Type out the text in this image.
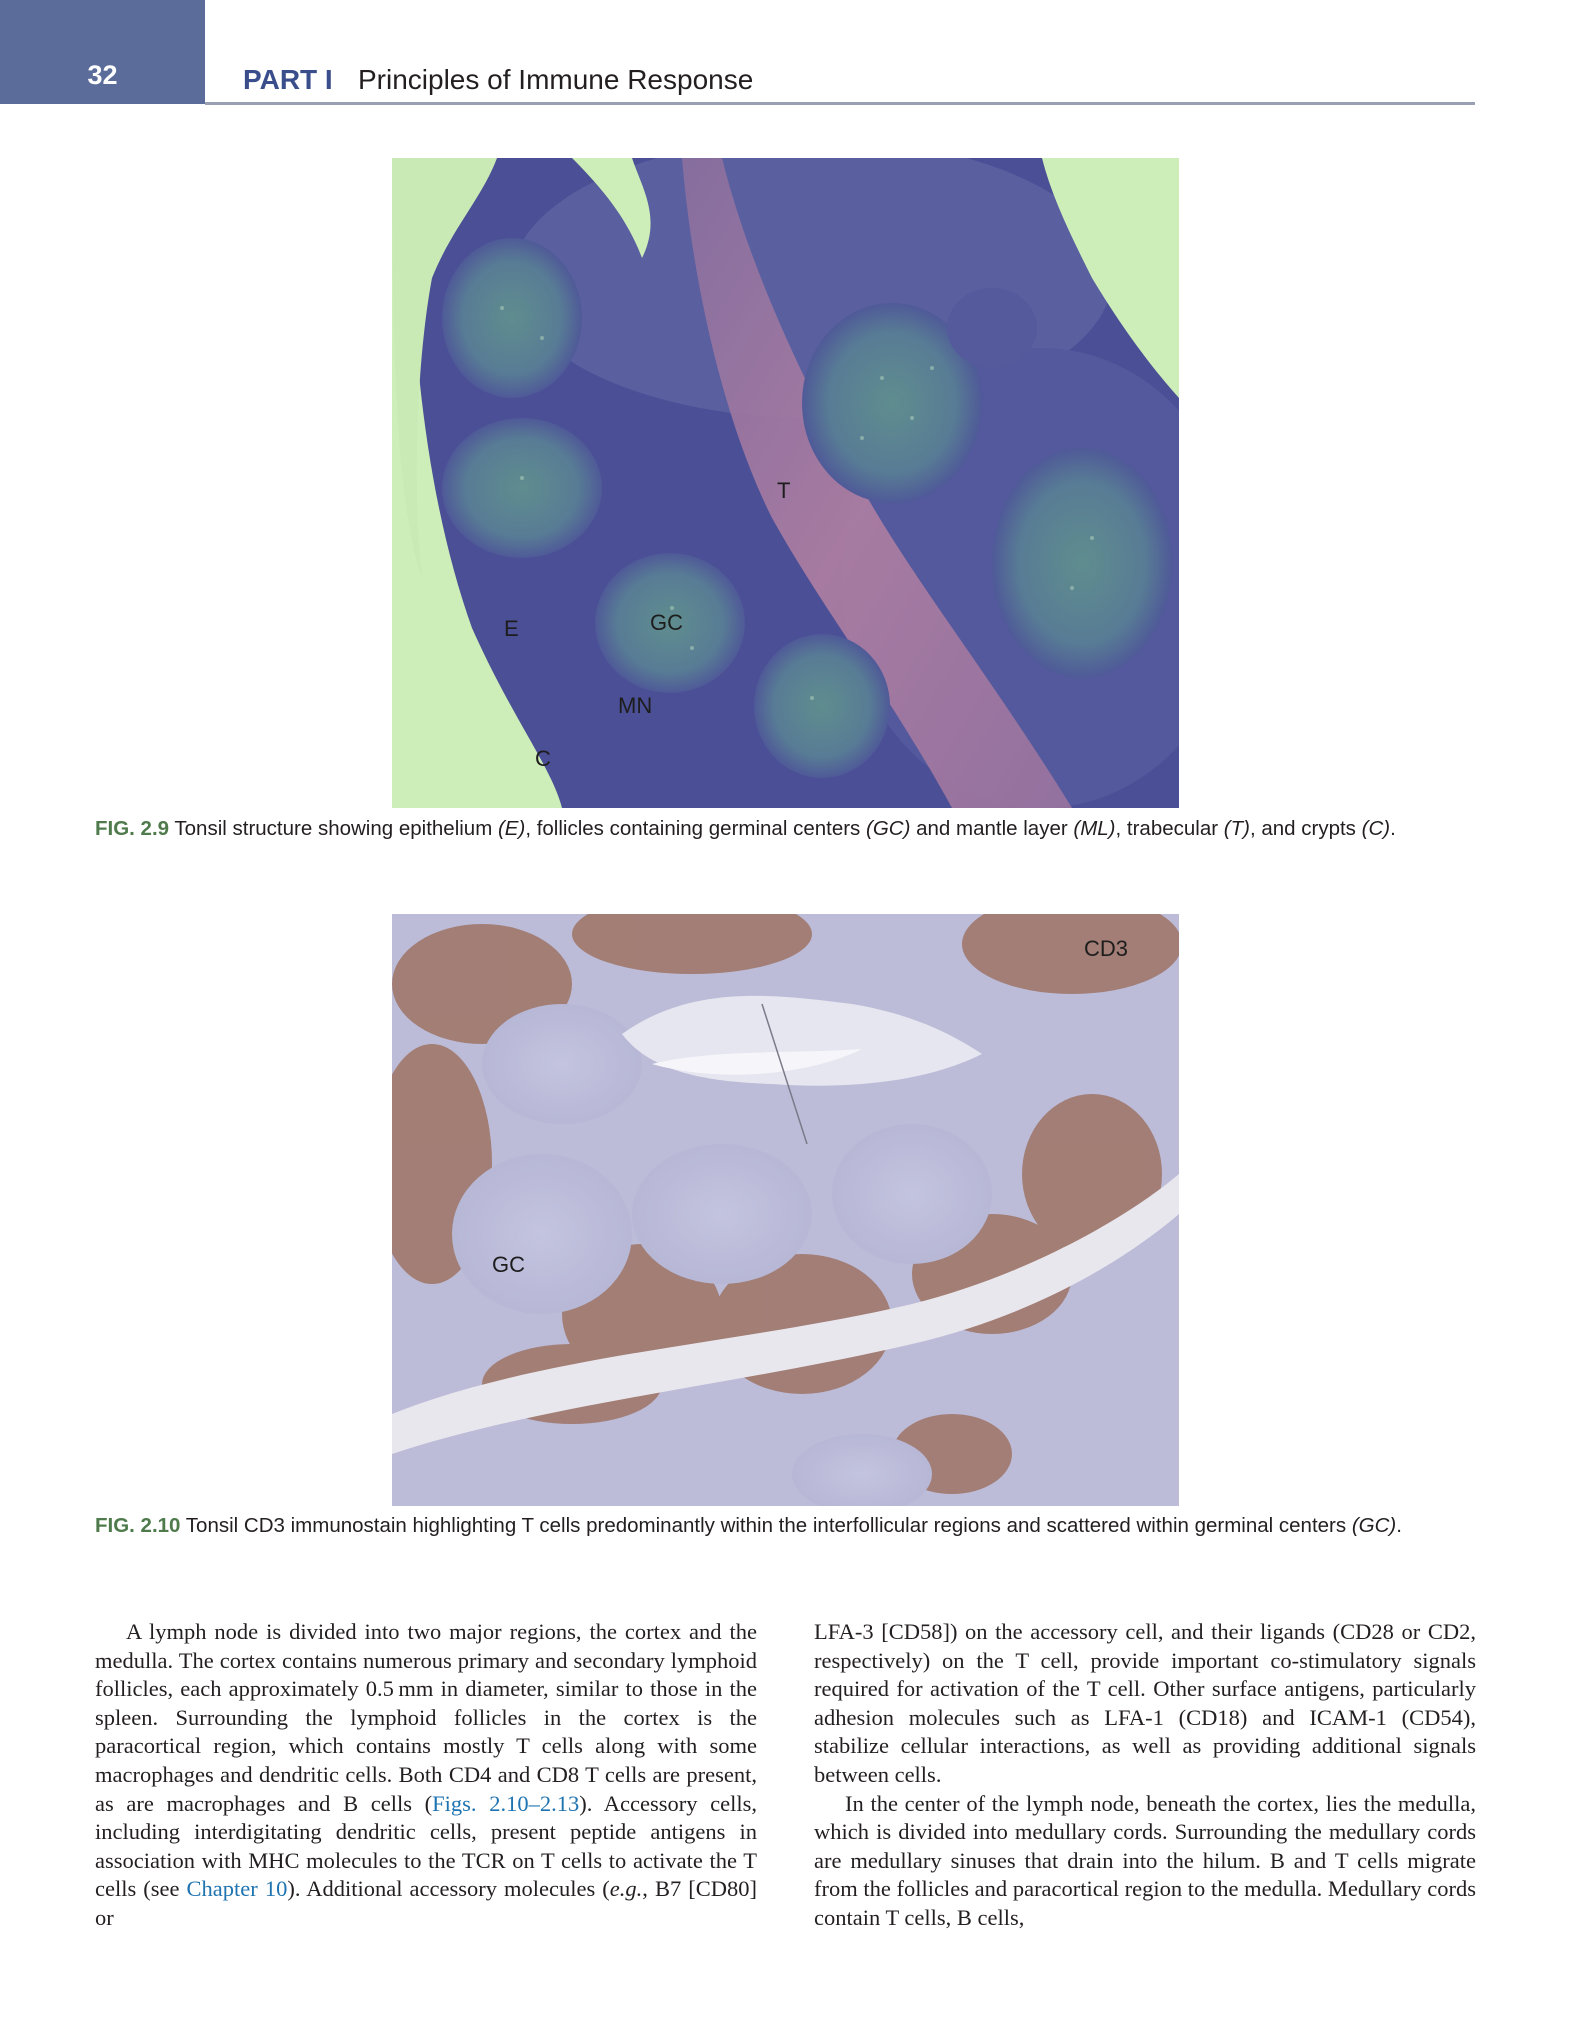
32	PART I Principles of Immune Response
T
E	GC
MN
C
FIG. 2.9 Tonsil structure showing epithelium (E), follicles containing germinal centers (GC) and mantle layer (ML), trabecular (T), and crypts (C).
CD3
GC
FIG. 2.10 Tonsil CD3 immunostain highlighting T cells predominantly within the interfollicular regions and scattered within germinal centers (GC).

A lymph node is divided into two major regions, the cortex and the medulla. The cortex contains numerous primary and secondary lymphoid follicles, each approximately 0.5 mm in diameter, similar to those in the spleen. Surrounding the lymphoid follicles in the cortex is the paracortical region, which contains mostly T cells along with some macrophages and dendritic cells. Both CD4 and CD8 T cells are present, as are macrophages and B cells (Figs. 2.10–2.13). Accessory cells, including interdigitating dendritic cells, present peptide antigens in association with MHC molecules to the TCR on T cells to activate the T cells (see Chapter 10). Additional accessory molecules (e.g., B7 [CD80] or

LFA-3 [CD58]) on the accessory cell, and their ligands (CD28 or CD2, respectively) on the T cell, provide important co-stimulatory signals required for activation of the T cell. Other surface antigens, particularly adhesion molecules such as LFA-1 (CD18) and ICAM-1 (CD54), stabilize cellular interactions, as well as providing additional signals between cells.

In the center of the lymph node, beneath the cortex, lies the medulla, which is divided into medullary cords. Surrounding the medullary cords are medullary sinuses that drain into the hilum. B and T cells migrate from the follicles and paracortical region to the medulla. Medullary cords contain T cells, B cells,
